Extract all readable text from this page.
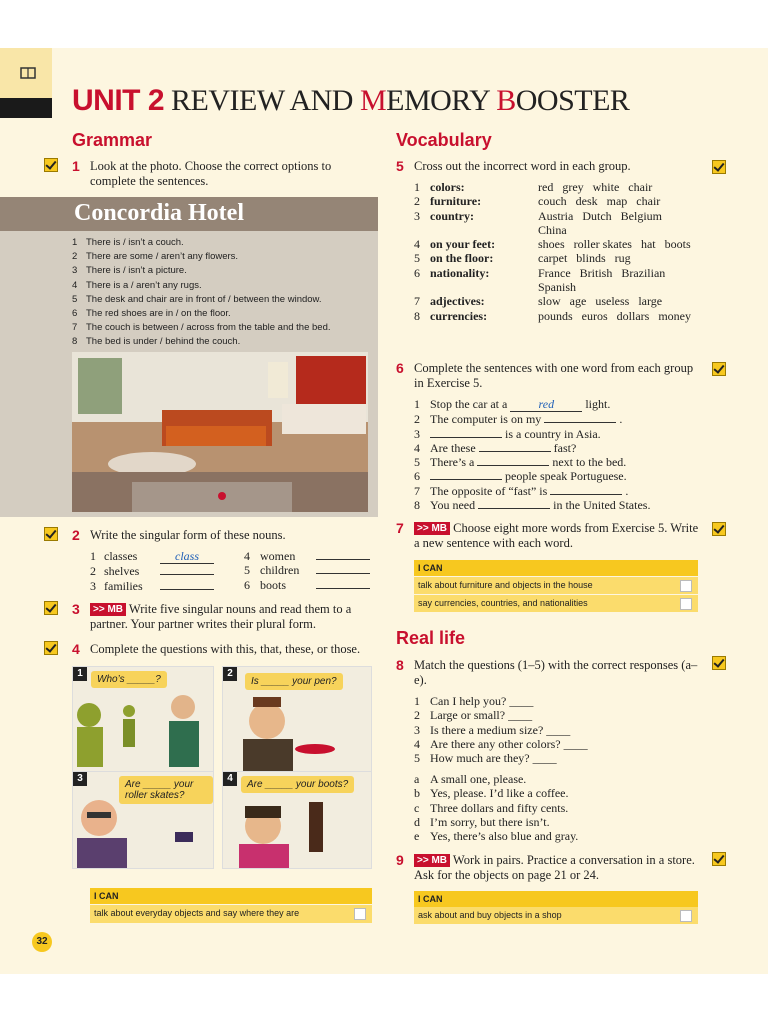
UNIT 2 REVIEW AND MEMORY BOOSTER
Grammar
1 Look at the photo. Choose the correct options to complete the sentences.
Concordia Hotel
1 There is / isn’t a couch.
2 There are some / aren’t any flowers.
3 There is / isn’t a picture.
4 There is a / aren’t any rugs.
5 The desk and chair are in front of / between the window.
6 The red shoes are in / on the floor.
7 The couch is between / across from the table and the bed.
8 The bed is under / behind the couch.
2 Write the singular form of these nouns.
1 classes	class
2 shelves
3 families
4 women
5 children
6 boots
3 >> MB Write five singular nouns and read them to a partner. Your partner writes their plural form.
4 Complete the questions with this, that, these, or those.
1
Who’s _____?
2
Is _____ your pen?
3
Are _____ your roller skates?
4
Are _____ your boots?
I CAN
talk about everyday objects and say where they are
Vocabulary
5 Cross out the incorrect word in each group.
1 colors:	red   grey   white   chair
2 furniture:	couch   desk   map   chair
3 country:	Austria   Dutch   Belgium   China
4 on your feet:	shoes   roller skates   hat   boots
5 on the floor:	carpet   blinds   rug
6 nationality:	France   British   Brazilian   Spanish
7 adjectives:	slow   age   useless   large
8 currencies:	pounds   euros   dollars   money
6 Complete the sentences with one word from each group in Exercise 5.
1 Stop the car at a red light.
2 The computer is on my	.
3	is a country in Asia.
4 Are these	fast?
5 There’s a	next to the bed.
6	people speak Portuguese.
7 The opposite of “fast” is	.
8 You need	in the United States.
7 >> MB Choose eight more words from Exercise 5. Write a new sentence with each word.
I CAN
talk about furniture and objects in the house
say currencies, countries, and nationalities
Real life
8 Match the questions (1–5) with the correct responses (a–e).
1 Can I help you? ____
2 Large or small? ____
3 Is there a medium size? ____
4 Are there any other colors? ____
5 How much are they? ____
a A small one, please.
b Yes, please. I’d like a coffee.
c Three dollars and fifty cents.
d I’m sorry, but there isn’t.
e Yes, there’s also blue and gray.
9 >> MB Work in pairs. Practice a conversation in a store. Ask for the objects on page 21 or 24.
I CAN
ask about and buy objects in a shop
32
